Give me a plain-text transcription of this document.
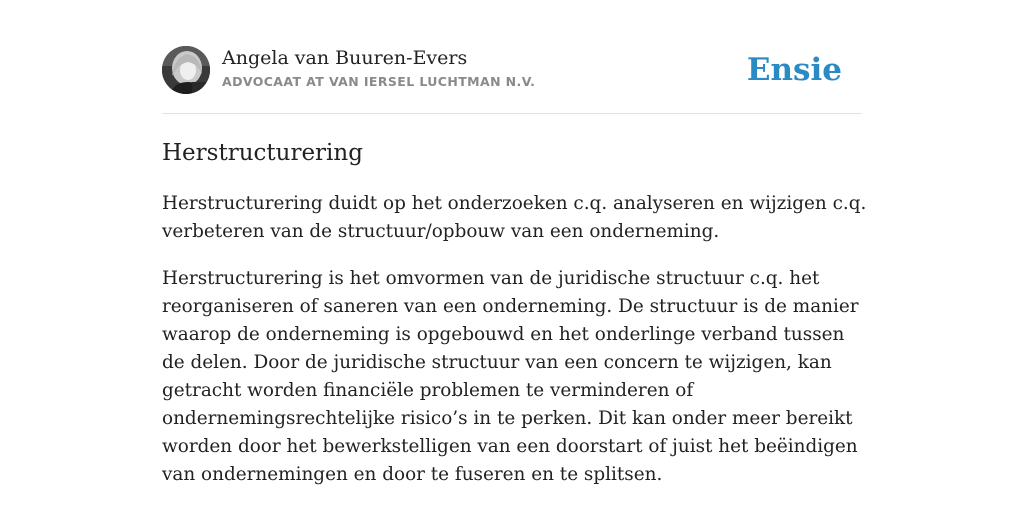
Angela van Buuren-Evers
ADVOCAAT AT VAN IERSEL LUCHTMAN N.V.	Ensie
Herstructurering

Herstructurering duidt op het onderzoeken c.q. analyseren en wijzigen c.q. verbeteren van de structuur/opbouw van een onderneming.

Herstructurering is het omvormen van de juridische structuur c.q. het reorganiseren of saneren van een onderneming. De structuur is de manier waarop de onderneming is opgebouwd en het onderlinge verband tussen de delen. Door de juridische structuur van een concern te wijzigen, kan getracht worden financiële problemen te verminderen of ondernemingsrechtelijke risico’s in te perken. Dit kan onder meer bereikt worden door het bewerkstelligen van een doorstart of juist het beëindigen van ondernemingen en door te fuseren en te splitsen.
